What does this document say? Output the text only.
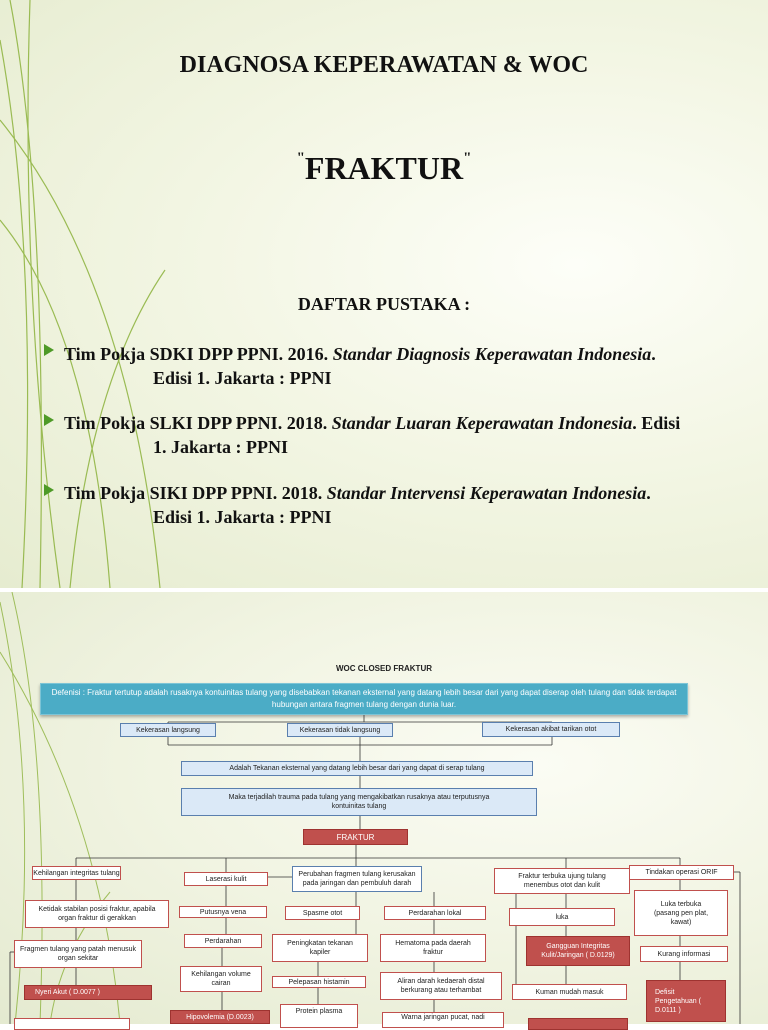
DIAGNOSA KEPERAWATAN & WOC
"FRAKTUR"
DAFTAR PUSTAKA :
Tim Pokja SDKI DPP PPNI. 2016. Standar Diagnosis Keperawatan Indonesia.
Edisi 1. Jakarta : PPNI
Tim Pokja SLKI DPP PPNI. 2018. Standar Luaran Keperawatan Indonesia. Edisi
1. Jakarta : PPNI
Tim Pokja SIKI DPP PPNI. 2018. Standar Intervensi Keperawatan Indonesia.
Edisi 1. Jakarta : PPNI
WOC CLOSED FRAKTUR
Defenisi : Fraktur tertutup adalah rusaknya kontuinitas tulang yang disebabkan tekanan eksternal yang datang lebih besar dari yang dapat diserap oleh tulang dan tidak terdapat hubungan antara fragmen tulang dengan dunia luar.
Kekerasan langsung	Kekerasan tidak langsung	Kekerasan akibat tarikan otot
Adalah Tekanan eksternal yang datang lebih besar dari yang dapat di serap tulang
Maka terjadilah trauma pada tulang yang mengakibatkan rusaknya atau terputusnya kontuinitas tulang
FRAKTUR
Kehilangan integritas tulang
Ketidak stabilan posisi fraktur, apabila organ fraktur di gerakkan
Fragmen tulang yang patah menusuk organ sekitar
Nyeri Akut ( D.0077 )
Laserasi kulit
Putusnya vena
Perdarahan
Kehilangan volume cairan
Hipovolemia (D.0023)
Perubahan fragmen tulang kerusakan pada jaringan dan pembuluh darah
Spasme otot
Peningkatan tekanan kapiler
Pelepasan histamin
Protein plasma
Perdarahan lokal
Hematoma pada daerah fraktur
Aliran darah kedaerah distal berkurang atau terhambat
Warna jaringan pucat, nadi
Fraktur terbuka ujung tulang menembus otot dan kulit
luka
Gangguan Integritas Kulit/Jaringan ( D.0129)
Kuman mudah masuk
Tindakan operasi ORIF
Luka terbuka (pasang pen plat, kawat)
Kurang informasi
Defisit Pengetahuan ( D.0111 )
